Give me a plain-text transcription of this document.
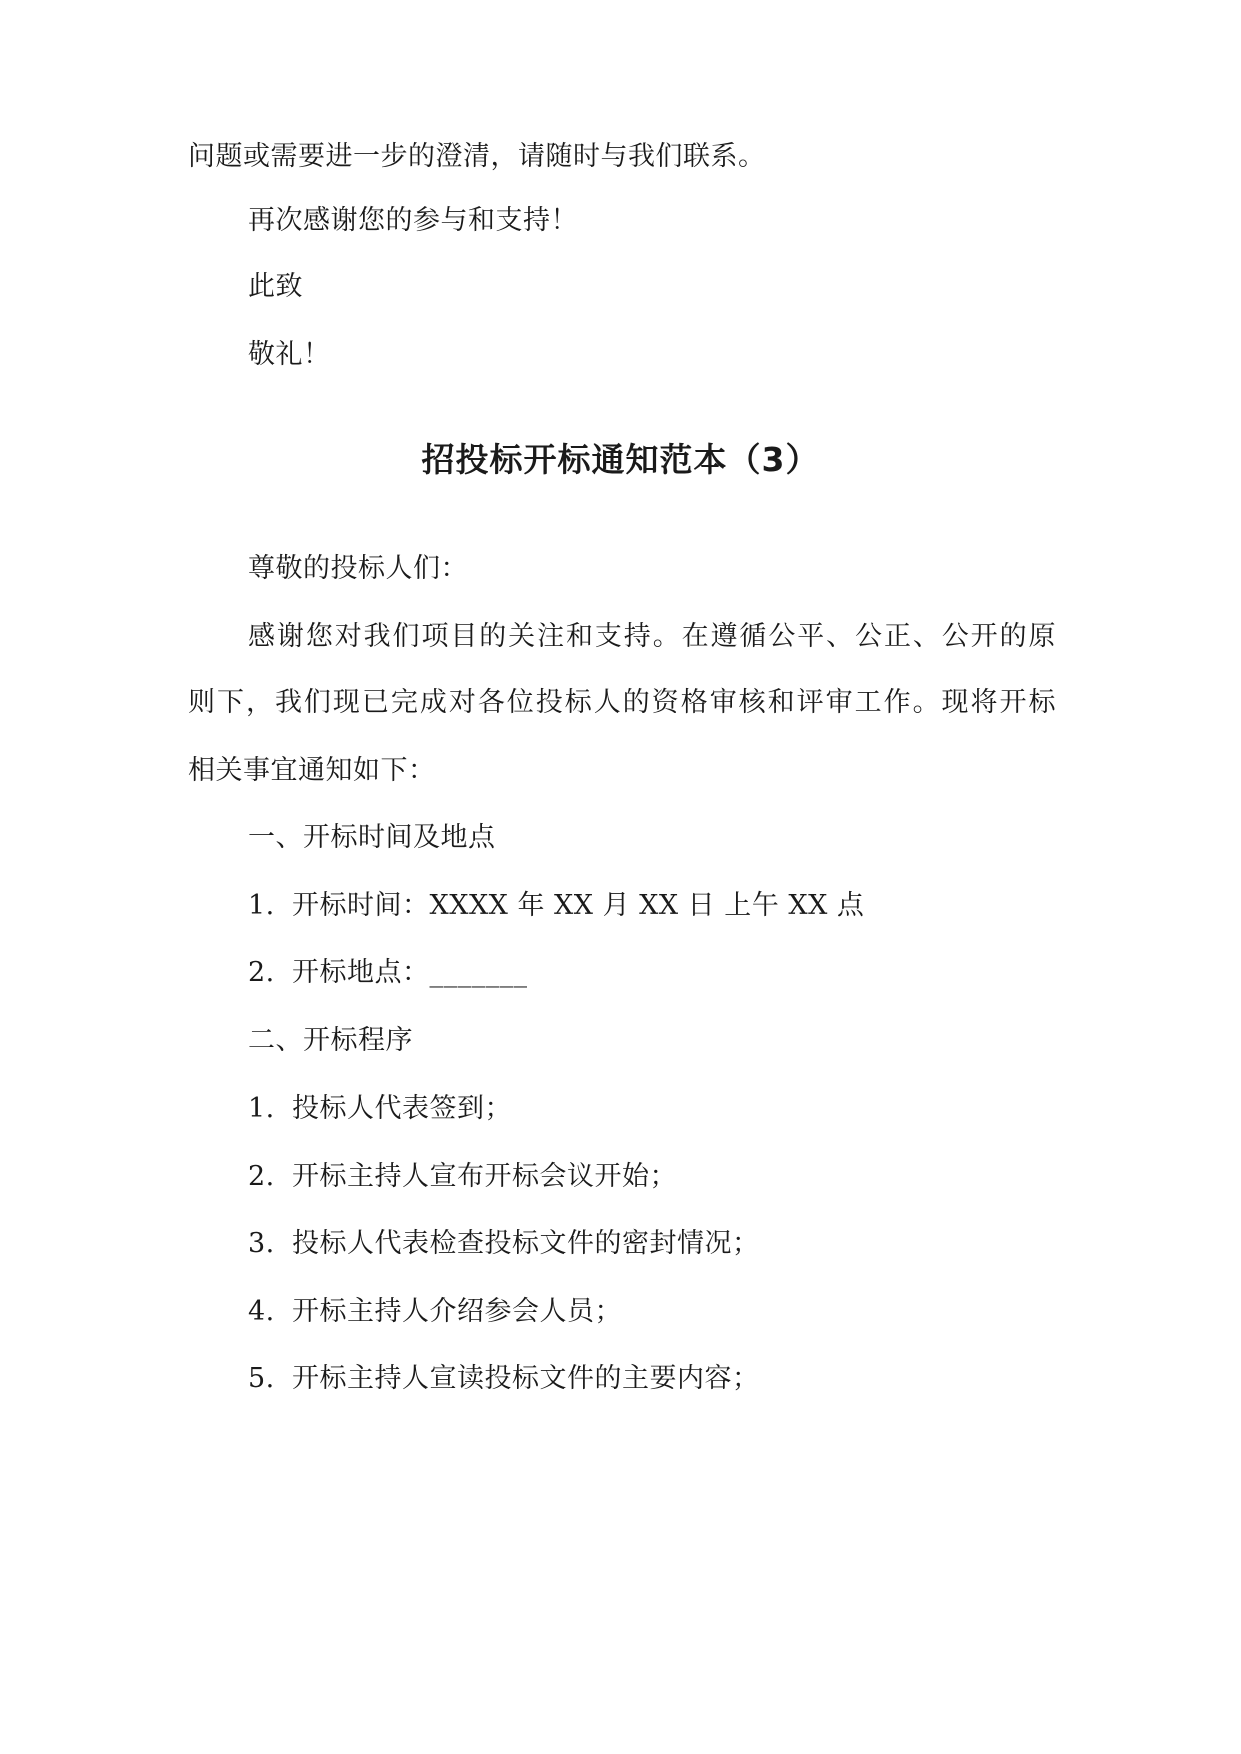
问题或需要进一步的澄清，请随时与我们联系。
再次感谢您的参与和支持！
此致
敬礼！
招投标开标通知范本（3）
尊敬的投标人们：
感谢您对我们项目的关注和支持。在遵循公平、公正、公开的原
则下，我们现已完成对各位投标人的资格审核和评审工作。现将开标
相关事宜通知如下：
一、开标时间及地点
1. 开标时间：XXXX 年 XX 月 XX 日 上午 XX 点
2. 开标地点：_______
二、开标程序
1. 投标人代表签到；
2. 开标主持人宣布开标会议开始；
3. 投标人代表检查投标文件的密封情况；
4. 开标主持人介绍参会人员；
5. 开标主持人宣读投标文件的主要内容；
